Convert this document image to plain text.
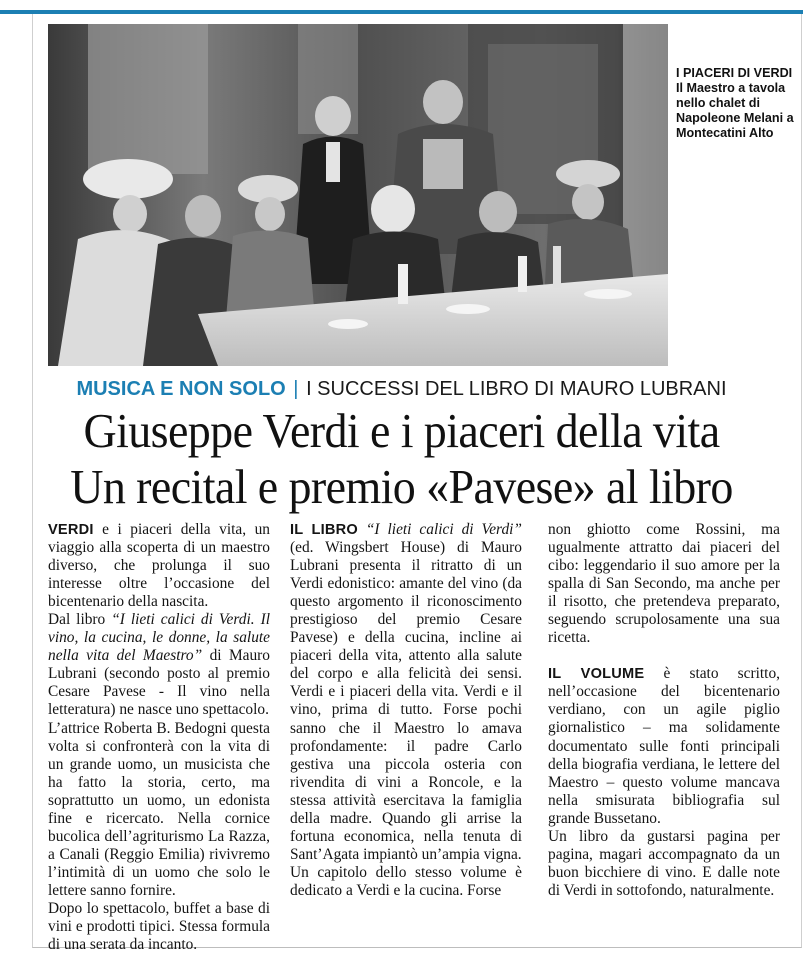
I PIACERI DI VERDI
Il Maestro a tavola nello chalet di Napoleone Melani a Montecatini Alto
MUSICA E NON SOLO | I SUCCESSI DEL LIBRO DI MAURO LUBRANI
Giuseppe Verdi e i piaceri della vita
Un recital e premio «Pavese» al libro

VERDI e i piaceri della vita, un viaggio alla scoperta di un maestro diverso, che prolunga il suo interesse oltre l’occasione del bicentenario della nascita.

Dal libro “I lieti calici di Verdi. Il vino, la cucina, le donne, la salute nella vita del Maestro” di Mauro Lubrani (secondo posto al premio Cesare Pavese - Il vino nella letteratura) ne nasce uno spettacolo.

L’attrice Roberta B. Bedogni questa volta si confronterà con la vita di un grande uomo, un musicista che ha fatto la storia, certo, ma soprattutto un uomo, un edonista fine e ricercato. Nella cornice bucolica dell’agriturismo La Razza, a Canali (Reggio Emilia) rivivremo l’intimità di un uomo che solo le lettere sanno fornire.

Dopo lo spettacolo, buffet a base di vini e prodotti tipici. Stessa formula di una serata da incanto.

IL LIBRO “I lieti calici di Verdi” (ed. Wingsbert House) di Mauro Lubrani presenta il ritratto di un Verdi edonistico: amante del vino (da questo argomento il riconoscimento prestigioso del premio Cesare Pavese) e della cucina, incline ai piaceri della vita, attento alla salute del corpo e alla felicità dei sensi. Verdi e i piaceri della vita. Verdi e il vino, prima di tutto. Forse pochi sanno che il Maestro lo amava profondamente: il padre Carlo gestiva una piccola osteria con rivendita di vini a Roncole, e la stessa attività esercitava la famiglia della madre. Quando gli arrise la fortuna economica, nella tenuta di Sant’Agata impiantò un’ampia vigna.

Un capitolo dello stesso volume è dedicato a Verdi e la cucina. Forse

non ghiotto come Rossini, ma ugualmente attratto dai piaceri del cibo: leggendario il suo amore per la spalla di San Secondo, ma anche per il risotto, che pretendeva preparato, seguendo scrupolosamente una sua ricetta.

IL VOLUME è stato scritto, nell’occasione del bicentenario verdiano, con un agile piglio giornalistico – ma solidamente documentato sulle fonti principali della biografia verdiana, le lettere del Maestro – questo volume mancava nella smisurata bibliografia sul grande Bussetano.

Un libro da gustarsi pagina per pagina, magari accompagnato da un buon bicchiere di vino. E dalle note di Verdi in sottofondo, naturalmente.
